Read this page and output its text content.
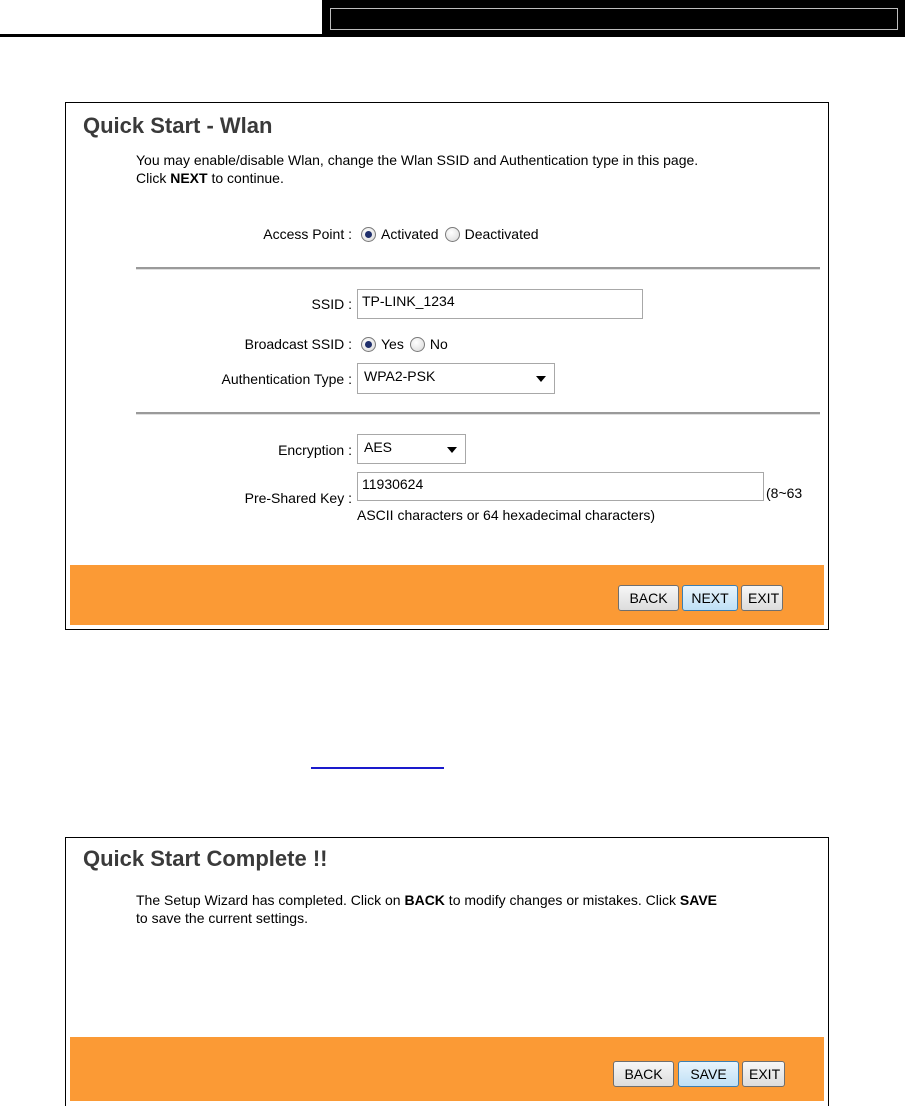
Quick Start - Wlan
You may enable/disable Wlan, change the Wlan SSID and Authentication type in this page.
Click NEXT to continue.
Access Point : Activated Deactivated
SSID : TP-LINK_1234
Broadcast SSID : Yes No
Authentication Type : WPA2-PSK
Encryption : AES
Pre-Shared Key :
11930624
(8~63
ASCII characters or 64 hexadecimal characters)
BACK	NEXT	EXIT
Quick Start Complete !!
The Setup Wizard has completed. Click on BACK to modify changes or mistakes. Click SAVE
to save the current settings.
BACK	SAVE	EXIT
